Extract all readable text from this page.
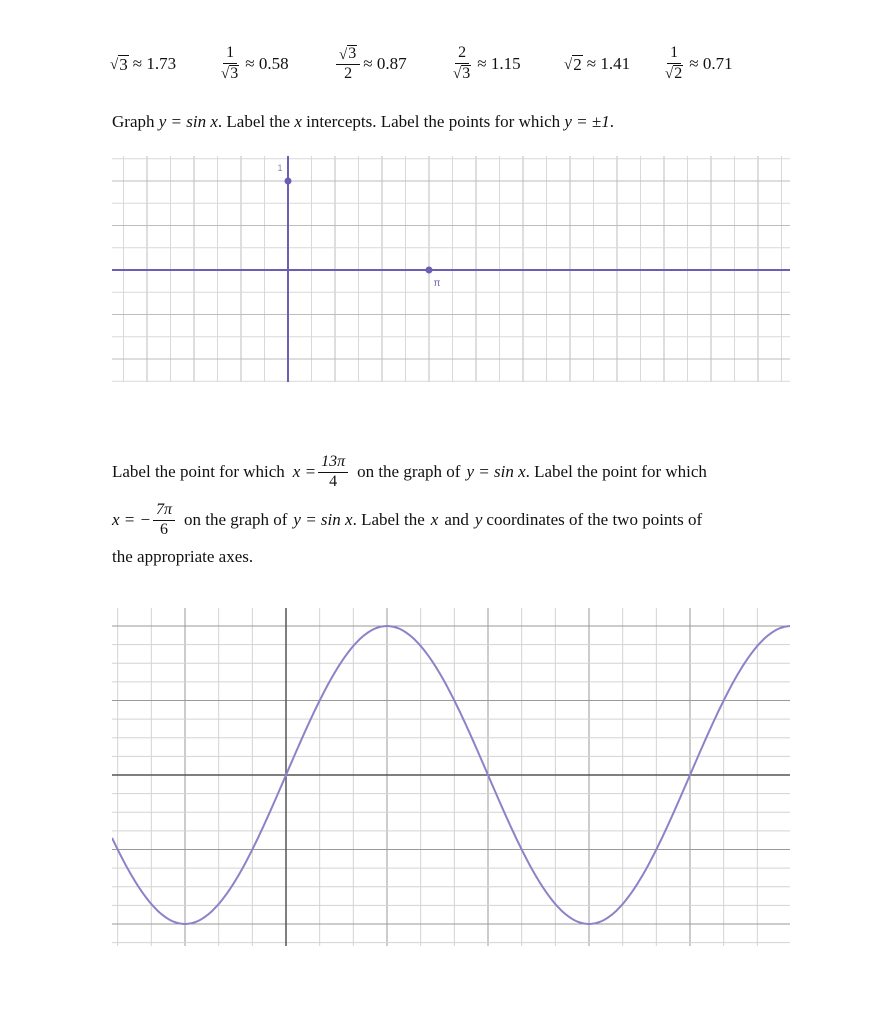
√ 3 ≈ 1.73	$\frac{1}{√ 3} \approx 0.58$	$\frac{√ 3}{2} \approx 0.87$	$\frac{2}{√ 3} \approx 1.15$	√ $2 \approx 1.41 \frac{1}{√ 2} \approx 0.71$
Graph y = sin x. Label the x intercepts. Label the points for which y = ±1.
1
π
Label the point for which $x = \frac{13\pi}{4}$ on the graph of y = sin x . Label the point for which
x = − $\frac{7\pi}{6}$ on the graph of y = sin x . Label the x and y coordinates of the two points of
the appropriate axes.
